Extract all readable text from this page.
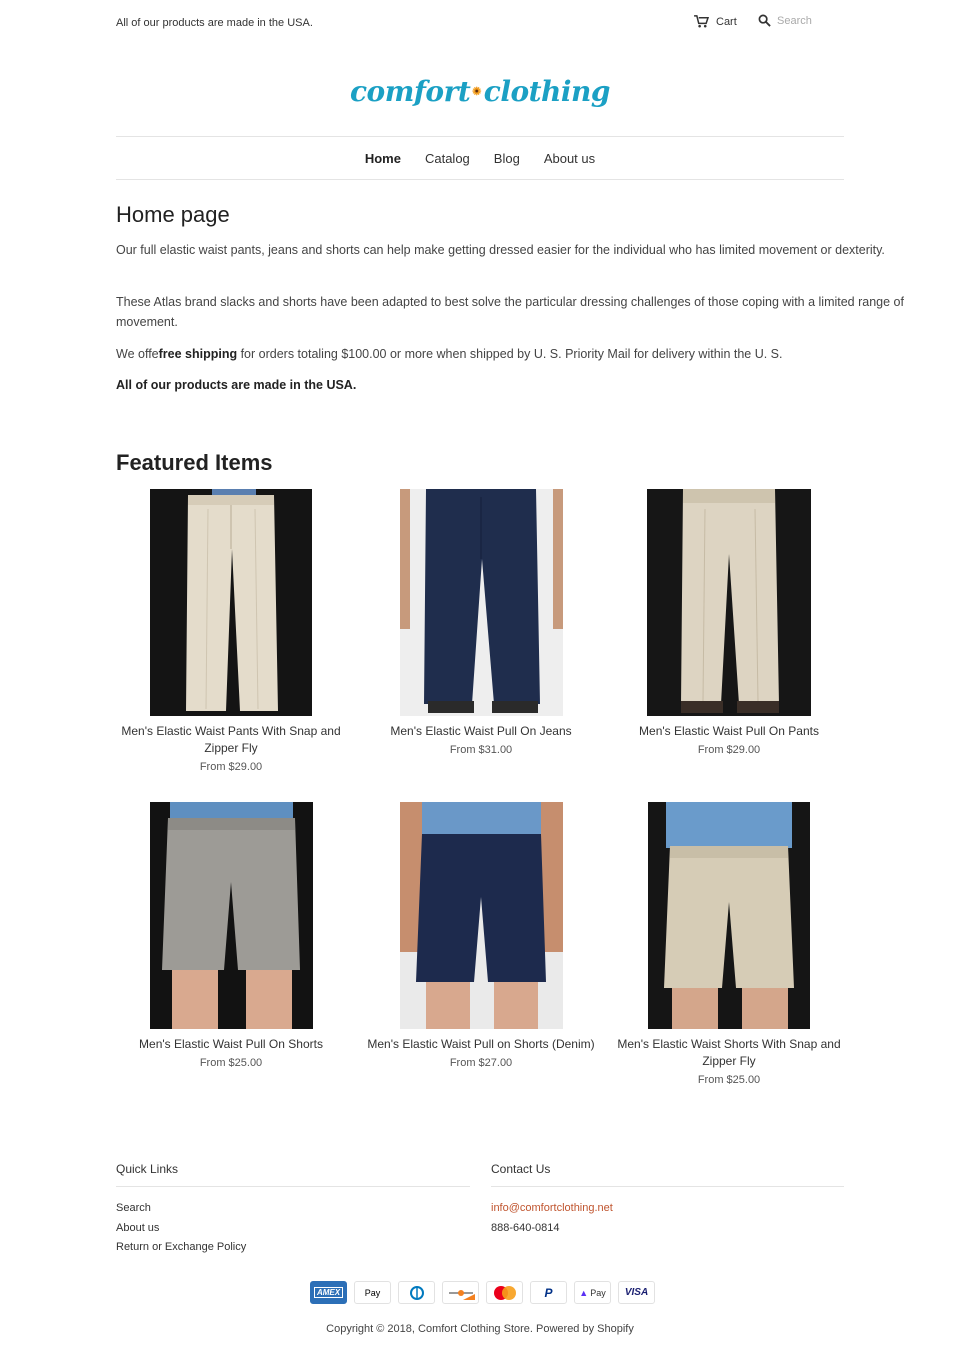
All of our products are made in the USA.	Cart
Search
comfort clothing
Home	Catalog	Blog	About us
Home page

Our full elastic waist pants, jeans and shorts can help make getting dressed easier for the individual who has limited movement or dexterity.

These Atlas brand slacks and shorts have been adapted to best solve the particular dressing challenges of those coping with a limited range of movement.

We offefree shipping for orders totaling $100.00 or more when shipped by U. S. Priority Mail for delivery within the U. S.

All of our products are made in the USA.

Featured Items
Men's Elastic Waist Pants With Snap and Zipper Fly
From $29.00
Men's Elastic Waist Pull On Jeans
From $31.00
Men's Elastic Waist Pull On Pants
From $29.00
Men's Elastic Waist Pull On Shorts
From $25.00
Men's Elastic Waist Pull on Shorts (Denim)
From $27.00
Men's Elastic Waist Shorts With Snap and Zipper Fly
From $25.00
Quick Links
Search
About us
Return or Exchange Policy
Contact Us
info@comfortclothing.net
888-640-0814
AMEX	Pay	P	▲ Pay VISA
Copyright © 2018, Comfort Clothing Store. Powered by Shopify
